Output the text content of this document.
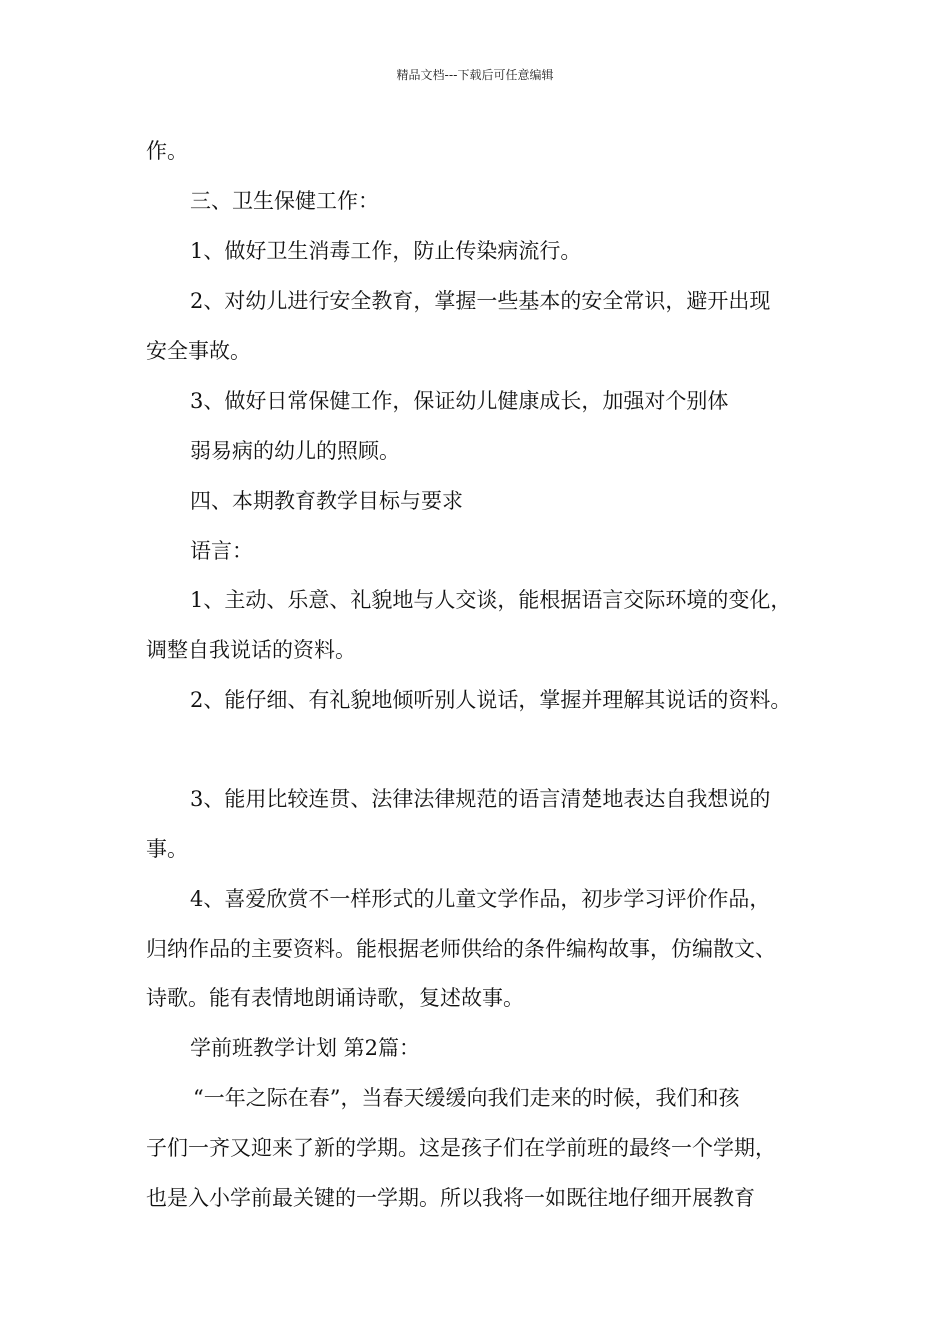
精品文档---下载后可任意编辑
作。
三、卫生保健工作：
1、做好卫生消毒工作，防止传染病流行。
2、对幼儿进行安全教育，掌握一些基本的安全常识，避开出现
安全事故。
3、做好日常保健工作，保证幼儿健康成长，加强对个别体
弱易病的幼儿的照顾。
四、本期教育教学目标与要求
语言：
1、主动、乐意、礼貌地与人交谈，能根据语言交际环境的变化，
调整自我说话的资料。
2、能仔细、有礼貌地倾听别人说话，掌握并理解其说话的资料。
3、能用比较连贯、法律法律规范的语言清楚地表达自我想说的
事。
4、喜爱欣赏不一样形式的儿童文学作品，初步学习评价作品，
归纳作品的主要资料。能根据老师供给的条件编构故事，仿编散文、
诗歌。能有表情地朗诵诗歌，复述故事。
学前班教学计划 第2篇：
“一年之际在春”，当春天缓缓向我们走来的时候，我们和孩
子们一齐又迎来了新的学期。这是孩子们在学前班的最终一个学期，
也是入小学前最关键的一学期。所以我将一如既往地仔细开展教育
